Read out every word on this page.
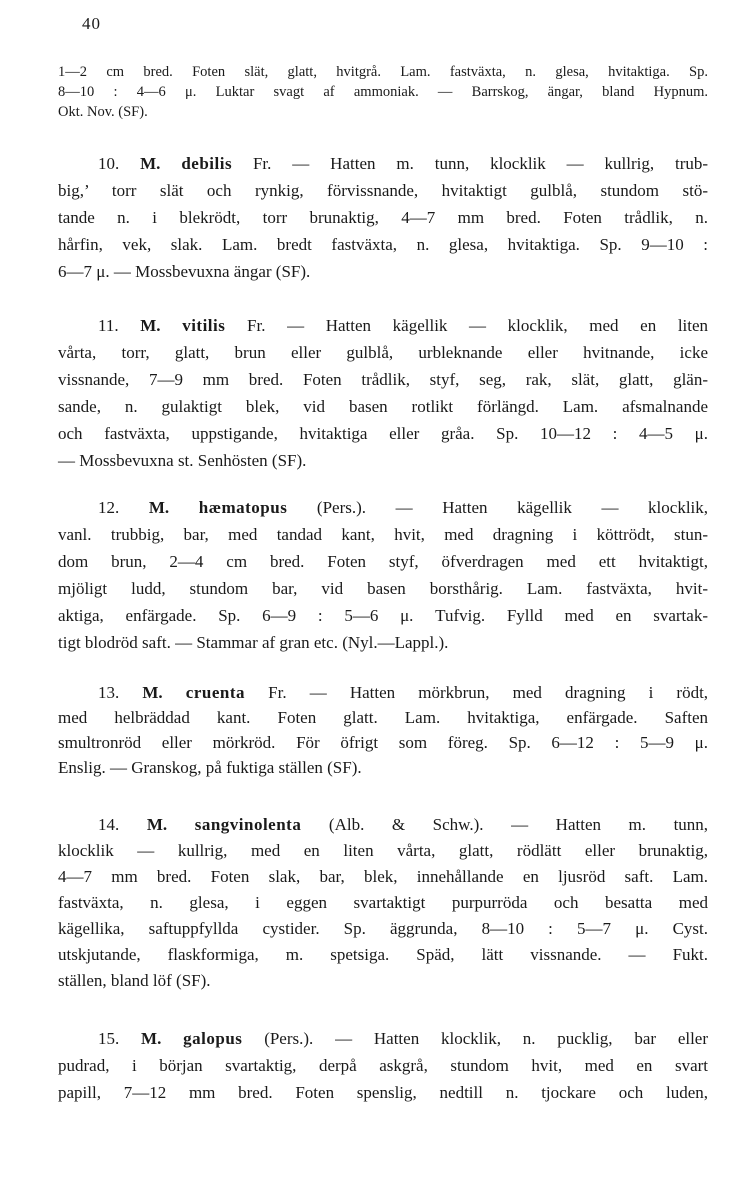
40
1—2 cm bred. Foten slät, glatt, hvitgrå. Lam. fastväxta, n. glesa, hvitaktiga. Sp.
8—10 : 4—6 μ. Luktar svagt af ammoniak. — Barrskog, ängar, bland Hypnum.
Okt. Nov. (SF).
10. M. debilis Fr. — Hatten m. tunn, klocklik — kullrig, trub-
big,’ torr slät och rynkig, förvissnande, hvitaktigt gulblå, stundom stö-
tande n. i blekrödt, torr brunaktig, 4—7 mm bred. Foten trådlik, n.
hårfin, vek, slak. Lam. bredt fastväxta, n. glesa, hvitaktiga. Sp. 9—10 :
6—7 μ. — Mossbevuxna ängar (SF).
11. M. vitilis Fr. — Hatten kägellik — klocklik, med en liten
vårta, torr, glatt, brun eller gulblå, urbleknande eller hvitnande, icke
vissnande, 7—9 mm bred. Foten trådlik, styf, seg, rak, slät, glatt, glän-
sande, n. gulaktigt blek, vid basen rotlikt förlängd. Lam. afsmalnande
och fastväxta, uppstigande, hvitaktiga eller gråa. Sp. 10—12 : 4—5 μ.
— Mossbevuxna st. Senhösten (SF).
12. M. hæmatopus (Pers.). — Hatten kägellik — klocklik,
vanl. trubbig, bar, med tandad kant, hvit, med dragning i köttrödt, stun-
dom brun, 2—4 cm bred. Foten styf, öfverdragen med ett hvitaktigt,
mjöligt ludd, stundom bar, vid basen borsthårig. Lam. fastväxta, hvit-
aktiga, enfärgade. Sp. 6—9 : 5—6 μ. Tufvig. Fylld med en svartak-
tigt blodröd saft. — Stammar af gran etc. (Nyl.—Lappl.).
13. M. cruenta Fr. — Hatten mörkbrun, med dragning i rödt,
med helbräddad kant. Foten glatt. Lam. hvitaktiga, enfärgade. Saften
smultronröd eller mörkröd. För öfrigt som föreg. Sp. 6—12 : 5—9 μ.
Enslig. — Granskog, på fuktiga ställen (SF).
14. M. sangvinolenta (Alb. & Schw.). — Hatten m. tunn,
klocklik — kullrig, med en liten vårta, glatt, rödlätt eller brunaktig,
4—7 mm bred. Foten slak, bar, blek, innehållande en ljusröd saft. Lam.
fastväxta, n. glesa, i eggen svartaktigt purpurröda och besatta med
kägellika, saftuppfyllda cystider. Sp. äggrunda, 8—10 : 5—7 μ. Cyst.
utskjutande, flaskformiga, m. spetsiga. Späd, lätt vissnande. — Fukt.
ställen, bland löf (SF).
15. M. galopus (Pers.). — Hatten klocklik, n. pucklig, bar eller
pudrad, i början svartaktig, derpå askgrå, stundom hvit, med en svart
papill, 7—12 mm bred. Foten spenslig, nedtill n. tjockare och luden,
